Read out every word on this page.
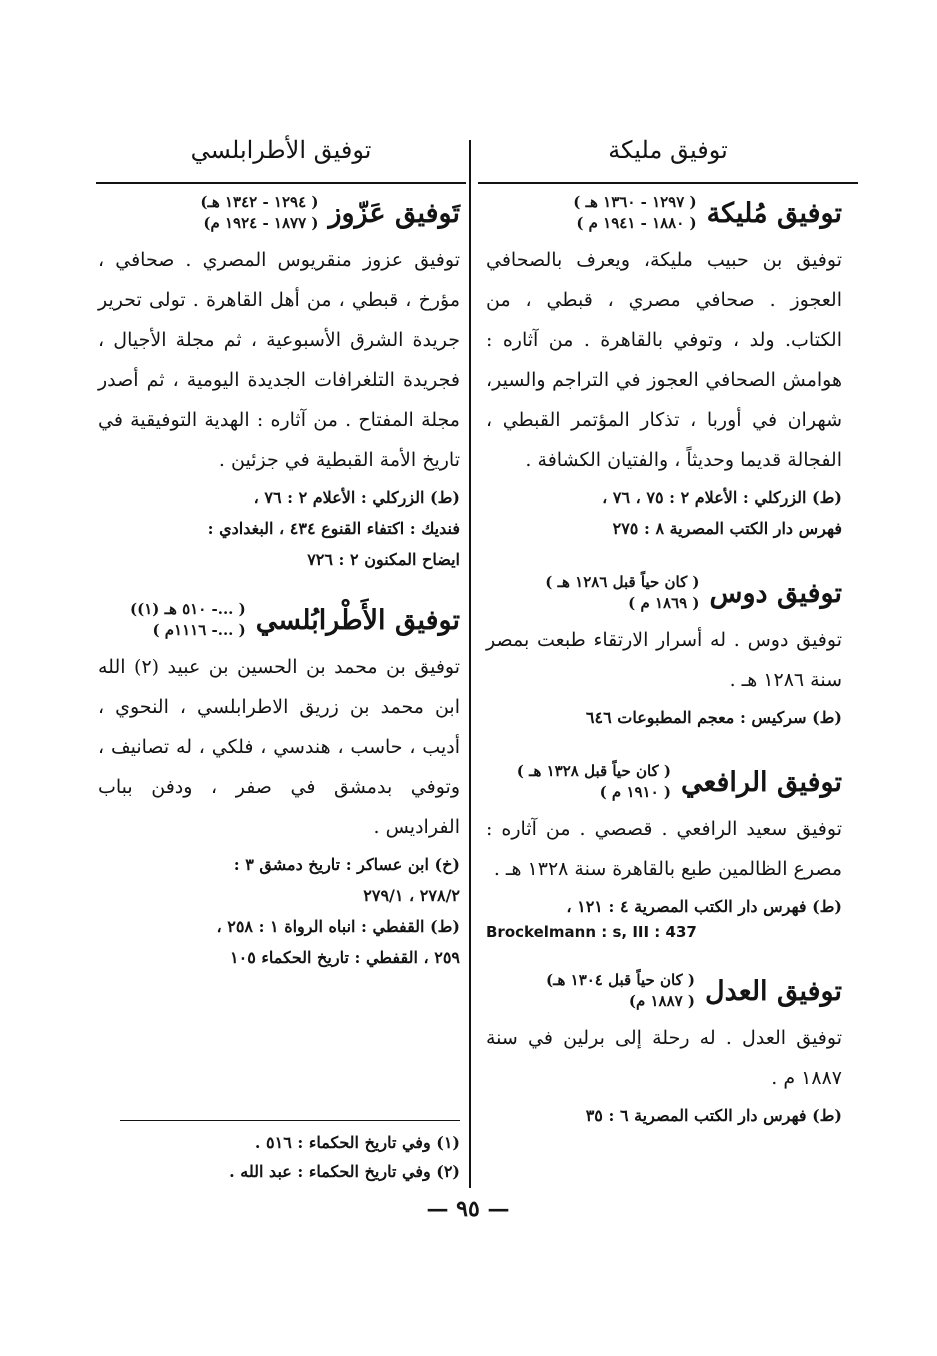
توفيق مليكة
توفيق الأطرابلسي
توفيق مُليكة
( ١٢٩٧ - ١٣٦٠ هـ )
( ١٨٨٠ - ١٩٤١ م )
توفيق بن حبيب مليكة، ويعرف بالصحافي العجوز . صحافي مصري ، قبطي ، من الكتاب. ولد ، وتوفي بالقاهرة . من آثاره : هوامش الصحافي العجوز في التراجم والسير، شهران في أوربا ، تذكار المؤتمر القبطي ، الفجالة قديما وحديثاً ، والفتيان الكشافة .
(ط) الزركلي : الأعلام ٢ : ٧٥ ، ٧٦ ،
فهرس دار الكتب المصرية ٨ : ٢٧٥
توفيق دوس
( كان حياً قبل ١٢٨٦ هـ )
( ١٨٦٩ م )
توفيق دوس . له أسرار الارتقاء طبعت بمصر سنة ١٢٨٦ هـ .
(ط) سركيس : معجم المطبوعات ٦٤٦
توفيق الرافعي
( كان حياً قبل ١٣٢٨ هـ )
( ١٩١٠ م )
توفيق سعيد الرافعي . قصصي . من آثاره : مصرع الظالمين طبع بالقاهرة سنة ١٣٢٨ هـ .
(ط) فهرس دار الكتب المصرية ٤ : ١٢١ ،
Brockelmann : s, III : 437
توفيق العدل
( كان حياً قبل ١٣٠٤ هـ)
( ١٨٨٧ م)
توفيق العدل . له رحلة إلى برلين في سنة ١٨٨٧ م .
(ط) فهرس دار الكتب المصرية ٦ : ٣٥
تَوفيق عَزّوز
( ١٢٩٤ - ١٣٤٢ هـ)
( ١٨٧٧ - ١٩٢٤ م)
توفيق عزوز منقريوس المصري . صحافي ، مؤرخ ، قبطي ، من أهل القاهرة . تولى تحرير جريدة الشرق الأسبوعية ، ثم مجلة الأجيال ، فجريدة التلغرافات الجديدة اليومية ، ثم أصدر مجلة المفتاح . من آثاره : الهدية التوفيقية في تاريخ الأمة القبطية في جزئين .
(ط) الزركلي : الأعلام ٢ : ٧٦ ،
فنديك : اكتفاء القنوع ٤٣٤ ، البغدادي :
ايضاح المكنون ٢ : ٧٢٦
توفيق الأَطْرابُلسي
( ...- ٥١٠ هـ (١))
( ...- ١١١٦م )
توفيق بن محمد بن الحسين بن عبيد (٢) الله ابن محمد بن زريق الاطرابلسي ، النحوي ، أديب ، حاسب ، هندسي ، فلكي ، له تصانيف ، وتوفي بدمشق في صفر ، ودفن بباب الفراديس .
(خ) ابن عساكر : تاريخ دمشق ٣ :
٢٧٨/٢ ، ٢٧٩/١
(ط) القفطي : انباه الرواة ١ : ٢٥٨ ،
٢٥٩ ، القفطي : تاريخ الحكماء ١٠٥
(١) وفي تاريخ الحكماء : ٥١٦ .
(٢) وفي تاريخ الحكماء : عبد الله .
— ٩٥ —
